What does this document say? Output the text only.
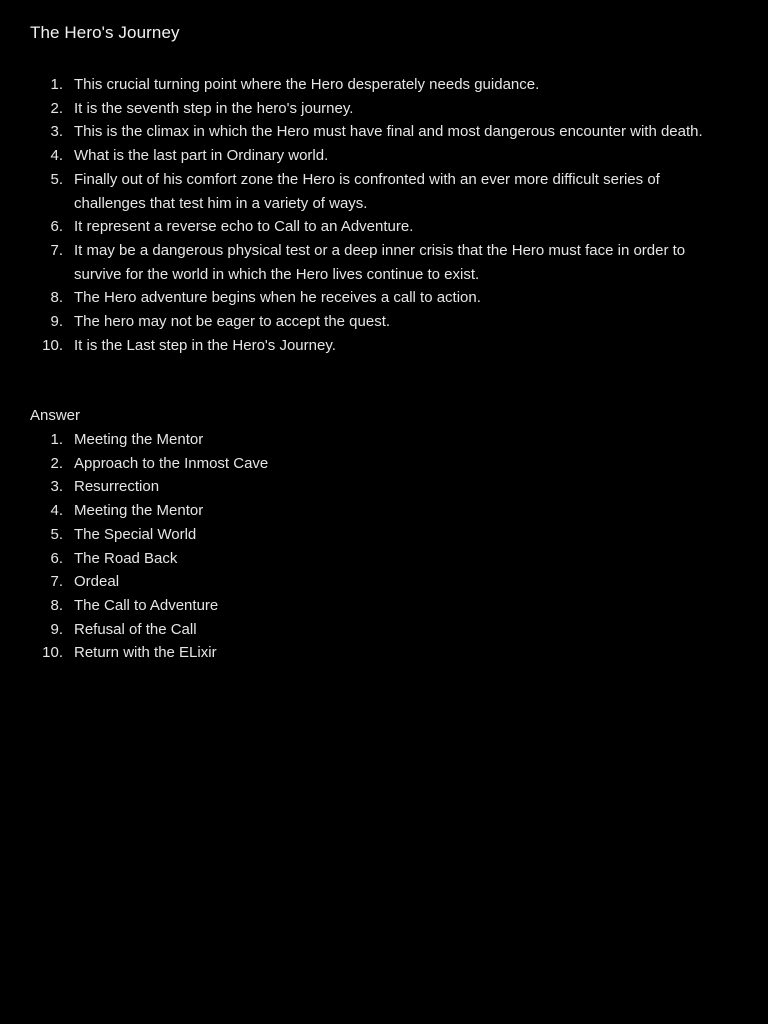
The Hero's Journey
1. This crucial turning point where the Hero desperately needs guidance.
2. It is the seventh step in the hero's journey.
3. This is the climax in which the Hero must have final and most dangerous encounter with death.
4. What is the last part in Ordinary world.
5. Finally out of his comfort zone the Hero is confronted with an ever more difficult series of challenges that test him in a variety of ways.
6. It represent a reverse echo to Call to an Adventure.
7. It may be a dangerous physical test or a deep inner crisis that the Hero must face in order to survive for the world in which the Hero lives continue to exist.
8. The Hero adventure begins when he receives a call to action.
9. The hero may not be eager to accept the quest.
10. It is the Last step in the Hero's Journey.
Answer
1. Meeting the Mentor
2. Approach to the Inmost Cave
3. Resurrection
4. Meeting the Mentor
5. The Special World
6. The Road Back
7. Ordeal
8. The Call to Adventure
9. Refusal of the Call
10. Return with the ELixir
